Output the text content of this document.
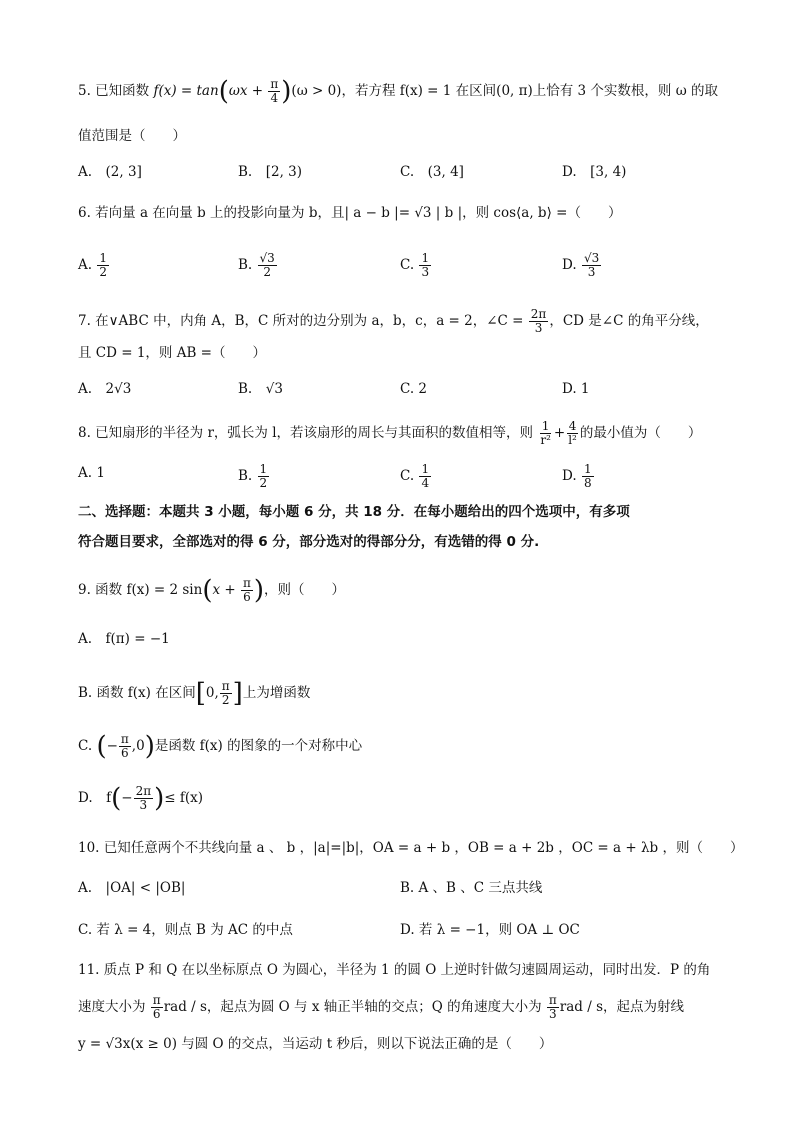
5. 已知函数 $f(x) = \tan(\omega x + \frac{\pi}{4} )(\omega > 0)$，若方程 f(x) = 1 在区间(0, π)上恰有 3 个实数根，则 ω 的取
值范围是（　　）
A.　(2, 3]	B.　[2, 3)	C.　(3, 4]	D.　[3, 4)
6. 若向量 a 在向量 b 上的投影向量为 b，且| a − b |= √3 | b |，则 cos⟨a, b⟩ =（　　）
A. $\frac{1}{2}$	B. $\frac{√3}{2}$	C. $\frac{1}{3}$	D. $\frac{√3}{3}$
7. 在∨ABC 中，内角 A，B，C 所对的边分别为 a，b，c，a = 2，∠C = $\frac{2\pi}{3}$ ，CD 是∠C 的角平分线，
且 CD = 1，则 AB =（　　）
A.　2√3	B.　√3	C. 2	D. 1
8. 已知扇形的半径为 r，弧长为 l，若该扇形的周长与其面积的数值相等，则 $\frac{1}{\text{r²}} + \frac{4}{\text{l²}}$ 的最小值为（　　）
A. 1	B. $\frac{1}{2}$	C. $\frac{1}{4}$	D. $\frac{1}{8}$
二、选择题：本题共 3 小题，每小题 6 分，共 18 分．在每小题给出的四个选项中，有多项
符合题目要求，全部选对的得 6 分，部分选对的得部分分，有选错的得 0 分.
9. 函数 f(x) = 2 $\sin(x + \frac{\pi}{6}$ )，则（　　）
A.　f(π) = −1
B. 函数 f(x) 在区间[0, $\frac{\pi}{2}$ ]上为增函数
C. (− $\frac{\pi}{6} ,0$)是函数 f(x) 的图象的一个对称中心
D.　$f(- \frac{2\pi}{3}$ )≤ f(x)
10. 已知任意两个不共线向量 a 、 b ，|a|=|b|，OA = a + b ，OB = a + 2b ，OC = a + λb ，则（　　）
A.　|OA| < |OB|	B. A 、B 、C 三点共线
C. 若 λ = 4，则点 B 为 AC 的中点	D. 若 λ = −1，则 OA ⊥ OC
11. 质点 P 和 Q 在以坐标原点 O 为圆心，半径为 1 的圆 O 上逆时针做匀速圆周运动，同时出发．P 的角
速度大小为 $\frac{\pi}{6}$ rad / s，起点为圆 O 与 x 轴正半轴的交点；Q 的角速度大小为 $\frac{\pi}{3}$ rad / s，起点为射线
y = √3x(x ≥ 0) 与圆 O 的交点，当运动 t 秒后，则以下说法正确的是（　　）
